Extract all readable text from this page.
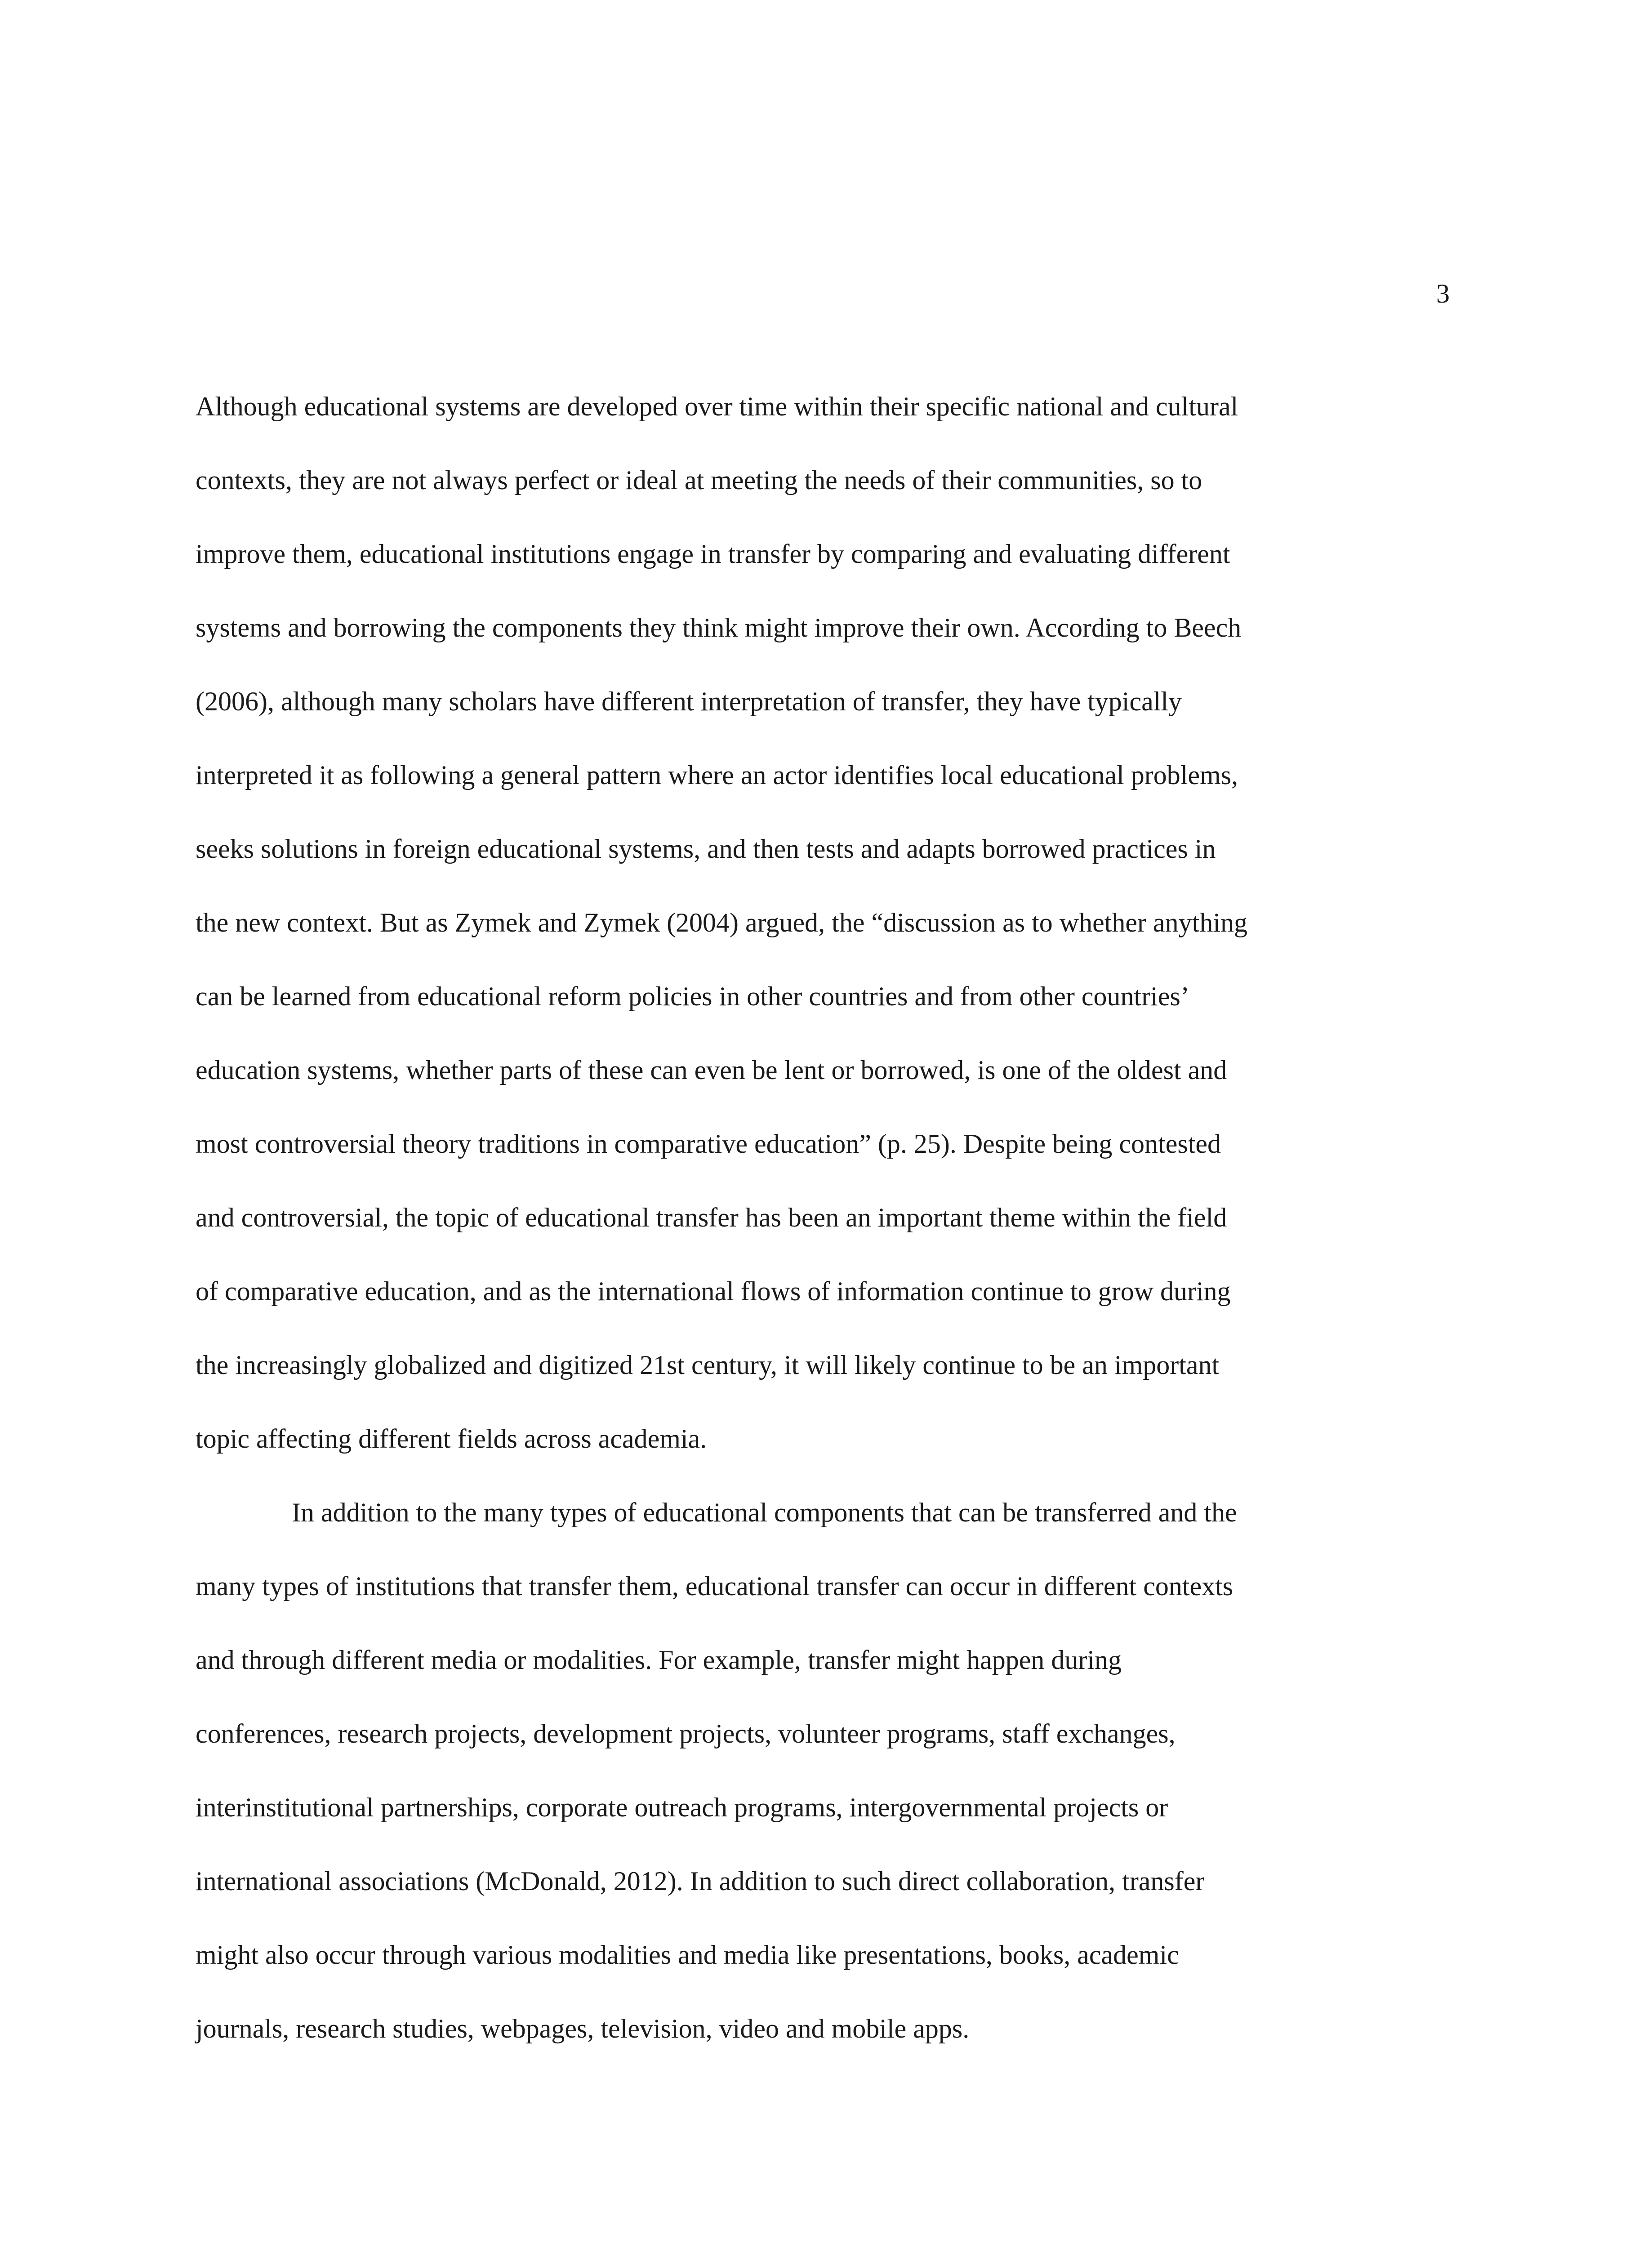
3

Although educational systems are developed over time within their specific national and cultural
contexts, they are not always perfect or ideal at meeting the needs of their communities, so to
improve them, educational institutions engage in transfer by comparing and evaluating different
systems and borrowing the components they think might improve their own. According to Beech
(2006), although many scholars have different interpretation of transfer, they have typically
interpreted it as following a general pattern where an actor identifies local educational problems,
seeks solutions in foreign educational systems, and then tests and adapts borrowed practices in
the new context. But as Zymek and Zymek (2004) argued, the “discussion as to whether anything
can be learned from educational reform policies in other countries and from other countries’
education systems, whether parts of these can even be lent or borrowed, is one of the oldest and
most controversial theory traditions in comparative education” (p. 25). Despite being contested
and controversial, the topic of educational transfer has been an important theme within the field
of comparative education, and as the international flows of information continue to grow during
the increasingly globalized and digitized 21st century, it will likely continue to be an important
topic affecting different fields across academia.
In addition to the many types of educational components that can be transferred and the
many types of institutions that transfer them, educational transfer can occur in different contexts
and through different media or modalities. For example, transfer might happen during
conferences, research projects, development projects, volunteer programs, staff exchanges,
interinstitutional partnerships, corporate outreach programs, intergovernmental projects or
international associations (McDonald, 2012). In addition to such direct collaboration, transfer
might also occur through various modalities and media like presentations, books, academic
journals, research studies, webpages, television, video and mobile apps.
